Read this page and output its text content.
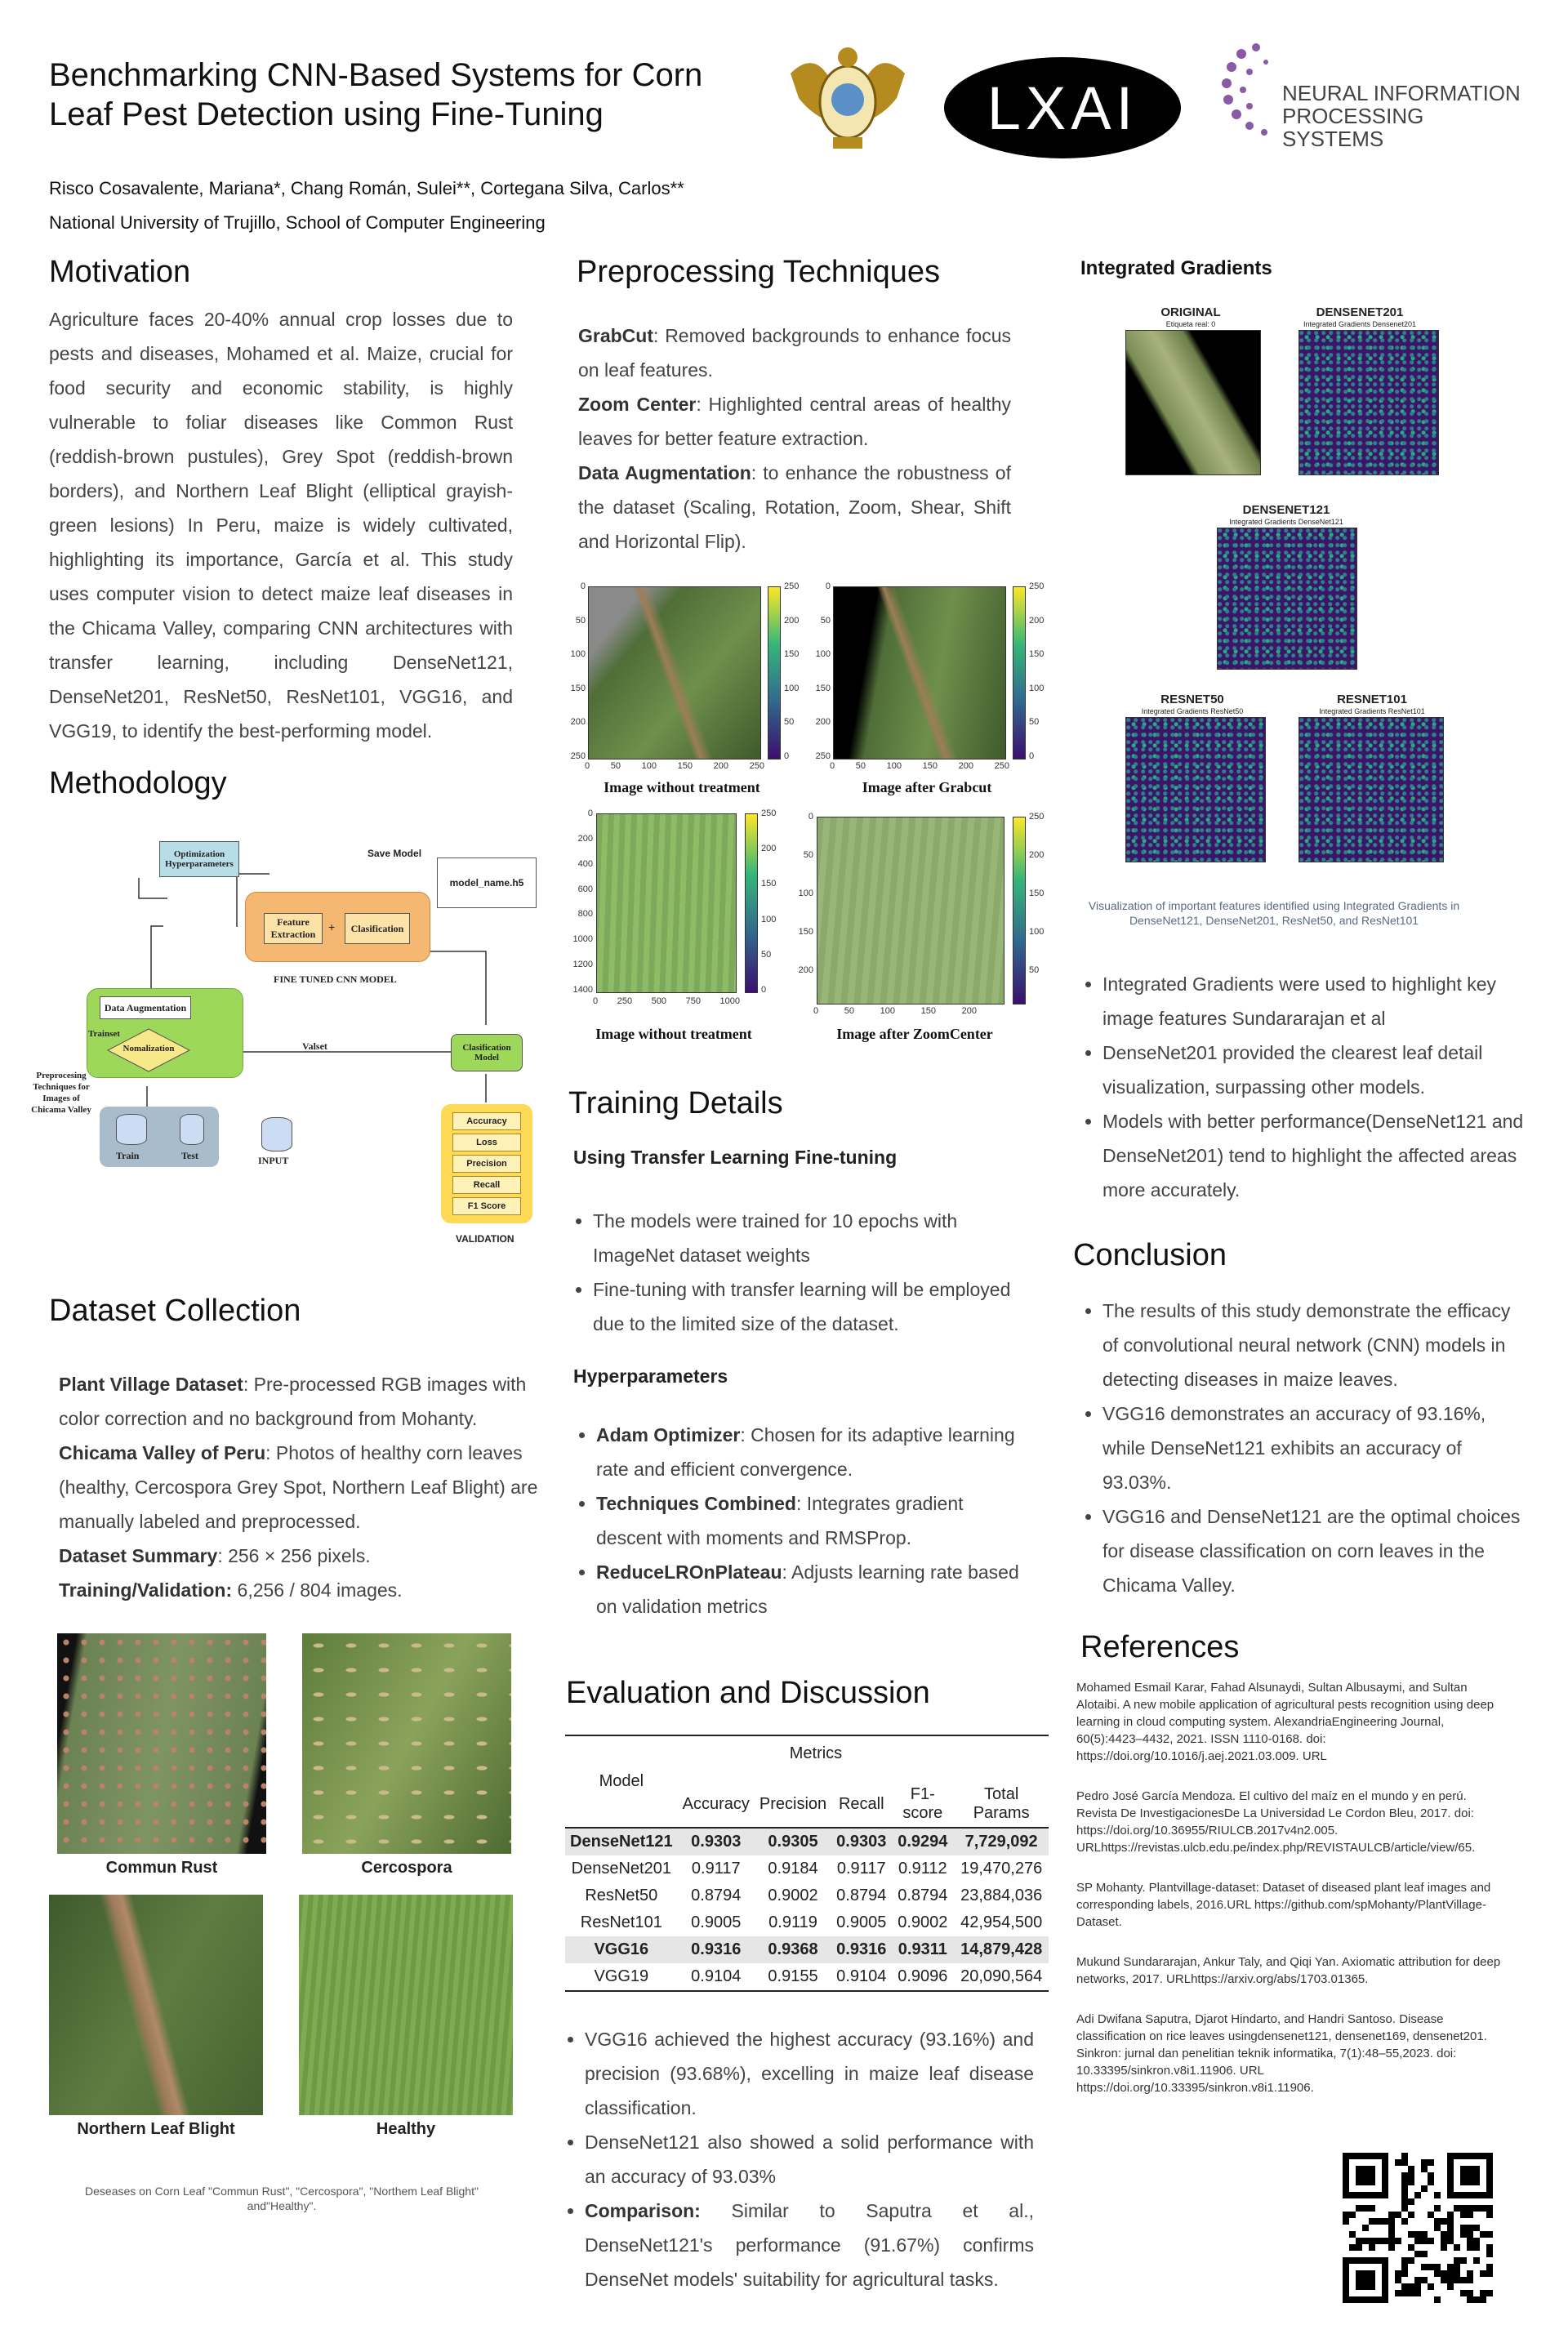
Benchmarking CNN-Based Systems for Corn
Leaf Pest Detection using Fine-Tuning
Risco Cosavalente, Mariana*, Chang Román, Sulei**, Cortegana Silva, Carlos**
National University of Trujillo, School of Computer Engineering
LXAI	NEURAL INFORMATION
PROCESSING SYSTEMS
Motivation
Agriculture faces 20-40% annual crop losses due to pests and diseases, Mohamed et al. Maize, crucial for food security and economic stability, is highly vulnerable to foliar diseases like Common Rust (reddish-brown pustules), Grey Spot (reddish-brown borders), and Northern Leaf Blight (elliptical grayish-green lesions) In Peru, maize is widely cultivated, highlighting its importance, García et al. This study uses computer vision to detect maize leaf diseases in the Chicama Valley, comparing CNN architectures with transfer learning, including DenseNet121, DenseNet201, ResNet50, ResNet101, VGG16, and VGG19, to identify the best-performing model.
Methodology
Optimization Hyperparameters
Save Model
model_name.h5
Feature Extraction
+ Clasification
FINE TUNED CNN MODEL
Data Augmentation
Trainset
Nomalization	Valset	Clasification Model
Preprocesing Techniques for Images of Chicama Valley
Train	Test	INPUT
Accuracy
Loss
Precision
Recall
F1 Score
VALIDATION
Dataset Collection
Plant Village Dataset: Pre-processed RGB images with color correction and no background from Mohanty.
Chicama Valley of Peru: Photos of healthy corn leaves (healthy, Cercospora Grey Spot, Northern Leaf Blight) are manually labeled and preprocessed.
Dataset Summary: 256 × 256 pixels.
Training/Validation: 6,256 / 804 images.
Commun Rust	Cercospora
Northern Leaf Blight	Healthy
Deseases on Corn Leaf "Commun Rust", "Cercospora", "Northem Leaf Blight" and"Healthy".
Preprocessing Techniques
GrabCut: Removed backgrounds to enhance focus on leaf features.
Zoom Center: Highlighted central areas of healthy leaves for better feature extraction.
Data Augmentation: to enhance the robustness of the dataset (Scaling, Rotation, Zoom, Shear, Shift and Horizontal Flip).
250
200
150
100
50
0
0
50
100
150
200
250
0 50 100 150 200 250
Image without treatment
250
200
150
100
50
0
0
50
100
150
200
250
0 50 100 150 200 250
Image after Grabcut
250
200
150
100
50
0
0
200
400
600
800
1000
1200
1400
0 250 500 750 1000
Image without treatment
250
200
150
100
50
0
50
100
150
200
0	50	100	150	200
Image after ZoomCenter
Training Details
Using Transfer Learning Fine-tuning
• The models were trained for 10 epochs with ImageNet dataset weights
• Fine-tuning with transfer learning will be employed due to the limited size of the dataset.
Hyperparameters
• Adam Optimizer: Chosen for its adaptive learning rate and efficient convergence.
• Techniques Combined: Integrates gradient descent with moments and RMSProp.
• ReduceLROnPlateau: Adjusts learning rate based on validation metrics
Evaluation and Discussion
Model	Metrics				Total Params
	Accuracy	Precision	Recall	F1-score	
DenseNet121	0.9303	0.9305	0.9303	0.9294	7,729,092
DenseNet201	0.9117	0.9184	0.9117	0.9112	19,470,276
ResNet50	0.8794	0.9002	0.8794	0.8794	23,884,036
ResNet101	0.9005	0.9119	0.9005	0.9002	42,954,500
VGG16	0.9316	0.9368	0.9316	0.9311	14,879,428
VGG19	0.9104	0.9155	0.9104	0.9096	20,090,564
• VGG16 achieved the highest accuracy (93.16%) and precision (93.68%), excelling in maize leaf disease classification.
• DenseNet121 also showed a solid performance with an accuracy of 93.03%
• Comparison: Similar to Saputra et al., DenseNet121's performance (91.67%) confirms DenseNet models' suitability for agricultural tasks.
Integrated Gradients
ORIGINAL
Etiqueta real: 0
DENSENET201
Integrated Gradients Densenet201
DENSENET121
Integrated Gradients DenseNet121
RESNET50
Integrated Gradients ResNet50
RESNET101
Integrated Gradients ResNet101
Visualization of important features identified using Integrated Gradients in DenseNet121, DenseNet201, ResNet50, and ResNet101
• Integrated Gradients were used to highlight key image features Sundararajan et al
• DenseNet201 provided the clearest leaf detail visualization, surpassing other models.
• Models with better performance(DenseNet121 and DenseNet201) tend to highlight the affected areas more accurately.
Conclusion
• The results of this study demonstrate the efficacy of convolutional neural network (CNN) models in detecting diseases in maize leaves.
• VGG16 demonstrates an accuracy of 93.16%, while DenseNet121 exhibits an accuracy of 93.03%.
• VGG16 and DenseNet121 are the optimal choices for disease classification on corn leaves in the Chicama Valley.
References

Mohamed Esmail Karar, Fahad Alsunaydi, Sultan Albusaymi, and Sultan Alotaibi. A new mobile application of agricultural pests recognition using deep learning in cloud computing system. AlexandriaEngineering Journal, 60(5):4423–4432, 2021. ISSN 1110-0168. doi: https://doi.org/10.1016/j.aej.2021.03.009. URL

Pedro José García Mendoza. El cultivo del maíz en el mundo y en perú. Revista De InvestigacionesDe La Universidad Le Cordon Bleu, 2017. doi: https://doi.org/10.36955/RIULCB.2017v4n2.005. URLhttps://revistas.ulcb.edu.pe/index.php/REVISTAULCB/article/view/65.

SP Mohanty. Plantvillage-dataset: Dataset of diseased plant leaf images and corresponding labels, 2016.URL https://github.com/spMohanty/PlantVillage-Dataset.

Mukund Sundararajan, Ankur Taly, and Qiqi Yan. Axiomatic attribution for deep networks, 2017. URLhttps://arxiv.org/abs/1703.01365.

Adi Dwifana Saputra, Djarot Hindarto, and Handri Santoso. Disease classification on rice leaves usingdensenet121, densenet169, densenet201. Sinkron: jurnal dan penelitian teknik informatika, 7(1):48–55,2023. doi: 10.33395/sinkron.v8i1.11906. URL https://doi.org/10.33395/sinkron.v8i1.11906.
